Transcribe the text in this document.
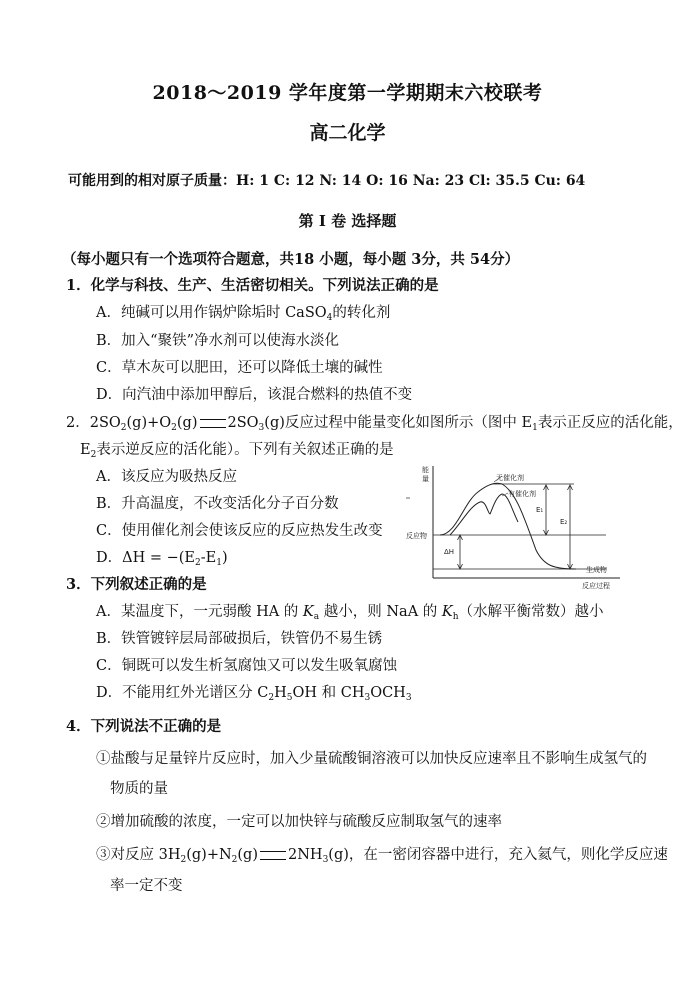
2018～2019 学年度第一学期期末六校联考
高二化学
可能用到的相对原子质量：H: 1 C: 12 N: 14 O: 16 Na: 23 Cl: 35.5 Cu: 64
第 I 卷 选择题
（每小题只有一个选项符合题意，共18 小题，每小题 3分，共 54分）
1．化学与科技、生产、生活密切相关。下列说法正确的是
A．纯碱可以用作锅炉除垢时 CaSO$_4$的转化剂
B．加入“聚铁”净水剂可以使海水淡化
C．草木灰可以肥田，还可以降低土壤的碱性
D．向汽油中添加甲醇后，该混合燃料的热值不变
2．$2SO_2(g)+O_2(g)$ $2SO_3(g)$反应过程中能量变化如图所示（图中 $E_1$表示正反应的活化能，
$E_2$表示逆反应的活化能）。下列有关叙述正确的是
A．该反应为吸热反应
B．升高温度，不改变活化分子百分数
C．使用催化剂会使该反应的反应热发生改变
D．$\Delta H = -(E_2-E_1)$
能
量
反应物
生成物
无催化剂
有催化剂
E₁
E₂
ΔH
反应过程
3．下列叙述正确的是
A．某温度下，一元弱酸 HA 的 $K_a$ 越小，则 NaA 的 $K_h$（水解平衡常数）越小
B．铁管镀锌层局部破损后，铁管仍不易生锈
C．铜既可以发生析氢腐蚀又可以发生吸氧腐蚀
D．不能用红外光谱区分 $C_2H_5OH$ 和 $CH_3OCH_3$
4．下列说法不正确的是
①盐酸与足量锌片反应时，加入少量硫酸铜溶液可以加快反应速率且不影响生成氢气的
物质的量
②增加硫酸的浓度，一定可以加快锌与硫酸反应制取氢气的速率
③对反应 $3H_2(g)+N_2(g)$ $2NH_3(g)$，在一密闭容器中进行，充入氦气，则化学反应速
率一定不变
